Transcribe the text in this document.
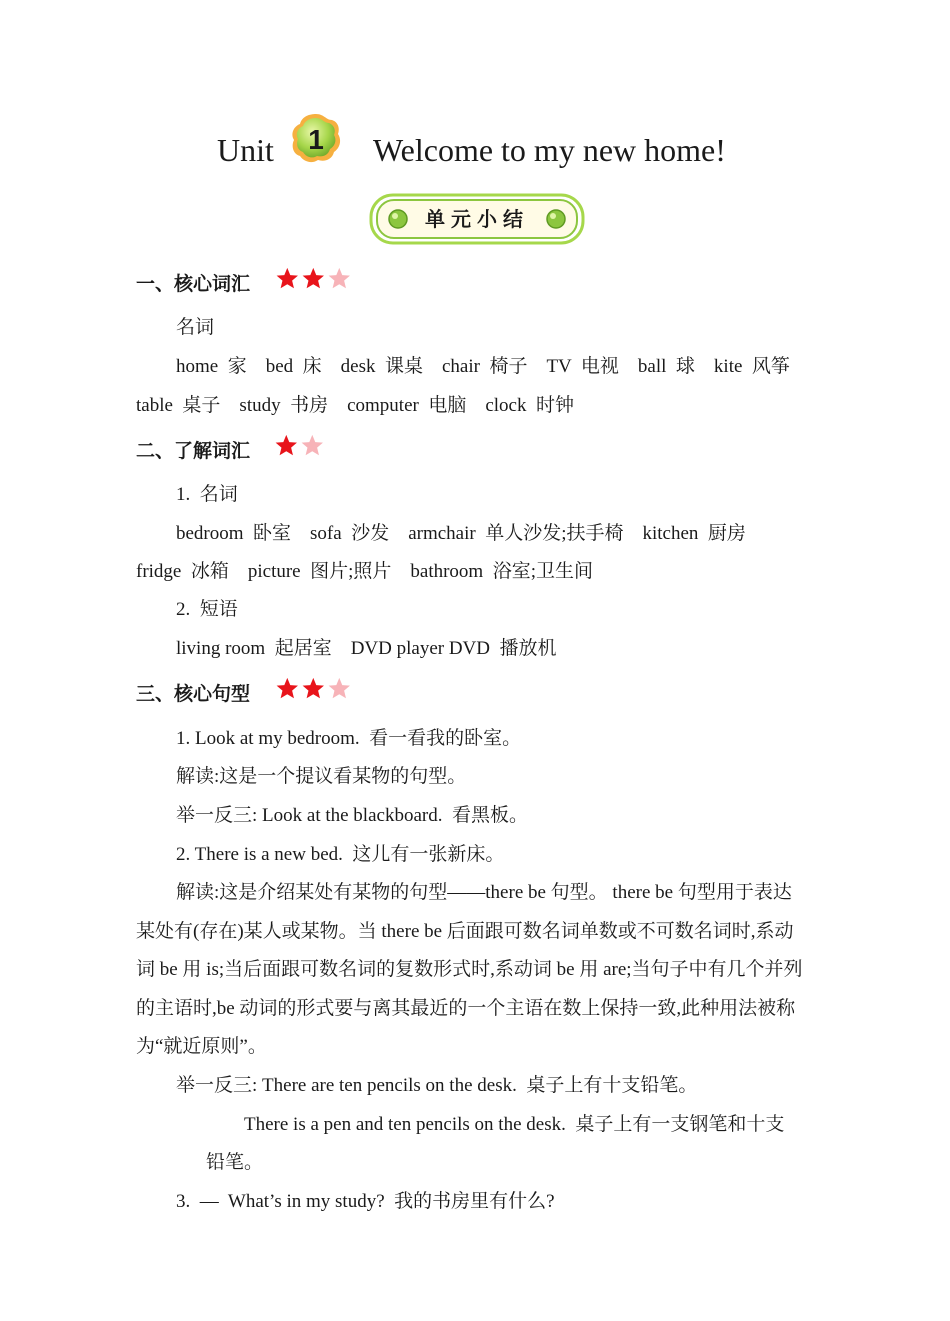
Unit 1 Welcome to my new home!
单元小结
一、核心词汇
名词
home  家    bed  床    desk  课桌    chair  椅子    TV  电视    ball  球    kite  风筝
table  桌子    study  书房    computer  电脑    clock  时钟
二、了解词汇
1.  名词
bedroom  卧室    sofa  沙发    armchair  单人沙发;扶手椅    kitchen  厨房
fridge  冰箱    picture  图片;照片    bathroom  浴室;卫生间
2.  短语
living room  起居室    DVD player DVD  播放机
三、核心句型
1. Look at my bedroom.  看一看我的卧室。
解读:这是一个提议看某物的句型。
举一反三: Look at the blackboard.  看黑板。
2. There is a new bed.  这儿有一张新床。
解读:这是介绍某处有某物的句型——there be 句型。 there be 句型用于表达
某处有(存在)某人或某物。当 there be 后面跟可数名词单数或不可数名词时,系动
词 be 用 is;当后面跟可数名词的复数形式时,系动词 be 用 are;当句子中有几个并列
的主语时,be 动词的形式要与离其最近的一个主语在数上保持一致,此种用法被称
为“就近原则”。
举一反三: There are ten pencils on the desk.  桌子上有十支铅笔。
There is a pen and ten pencils on the desk.  桌子上有一支钢笔和十支
铅笔。
3.  —  What’s in my study?  我的书房里有什么?
